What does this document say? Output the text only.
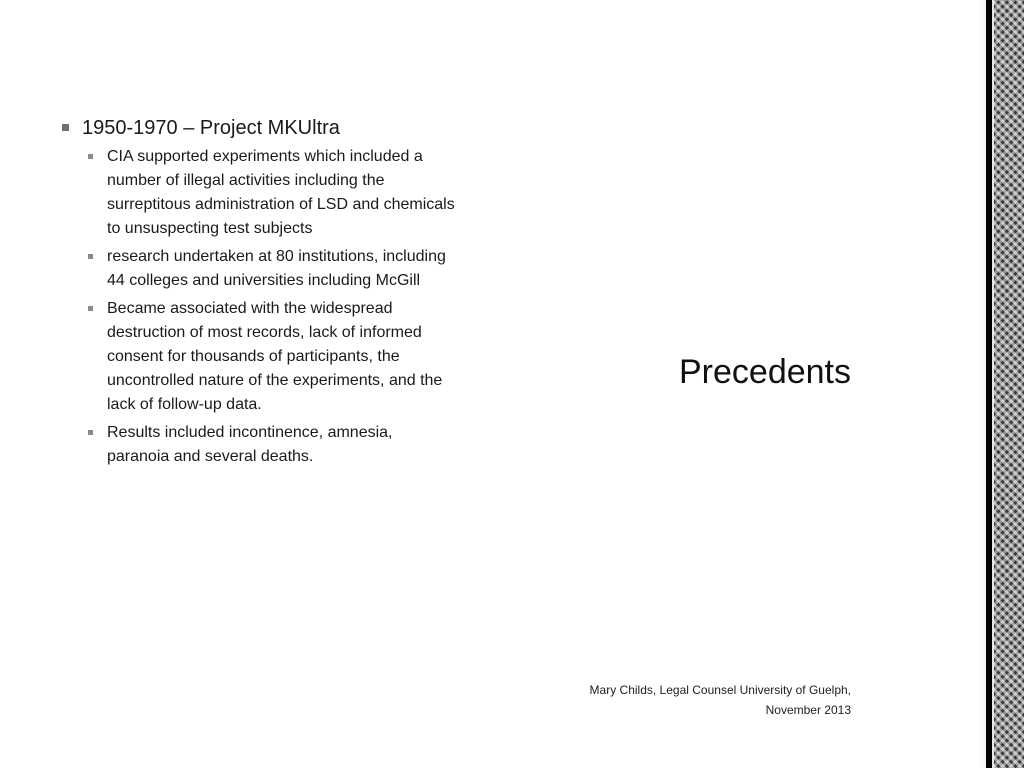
1950-1970 – Project MKUltra
CIA supported experiments which included a number of illegal activities including the surreptitous administration of LSD and chemicals to unsuspecting test subjects
research undertaken at 80 institutions, including 44 colleges and universities including McGill
Became associated with the widespread destruction of most records, lack of informed consent for thousands of participants, the uncontrolled nature of the experiments, and the lack of follow-up data.
Results included incontinence, amnesia, paranoia and several deaths.
Precedents
Mary Childs, Legal Counsel University of Guelph, November 2013
